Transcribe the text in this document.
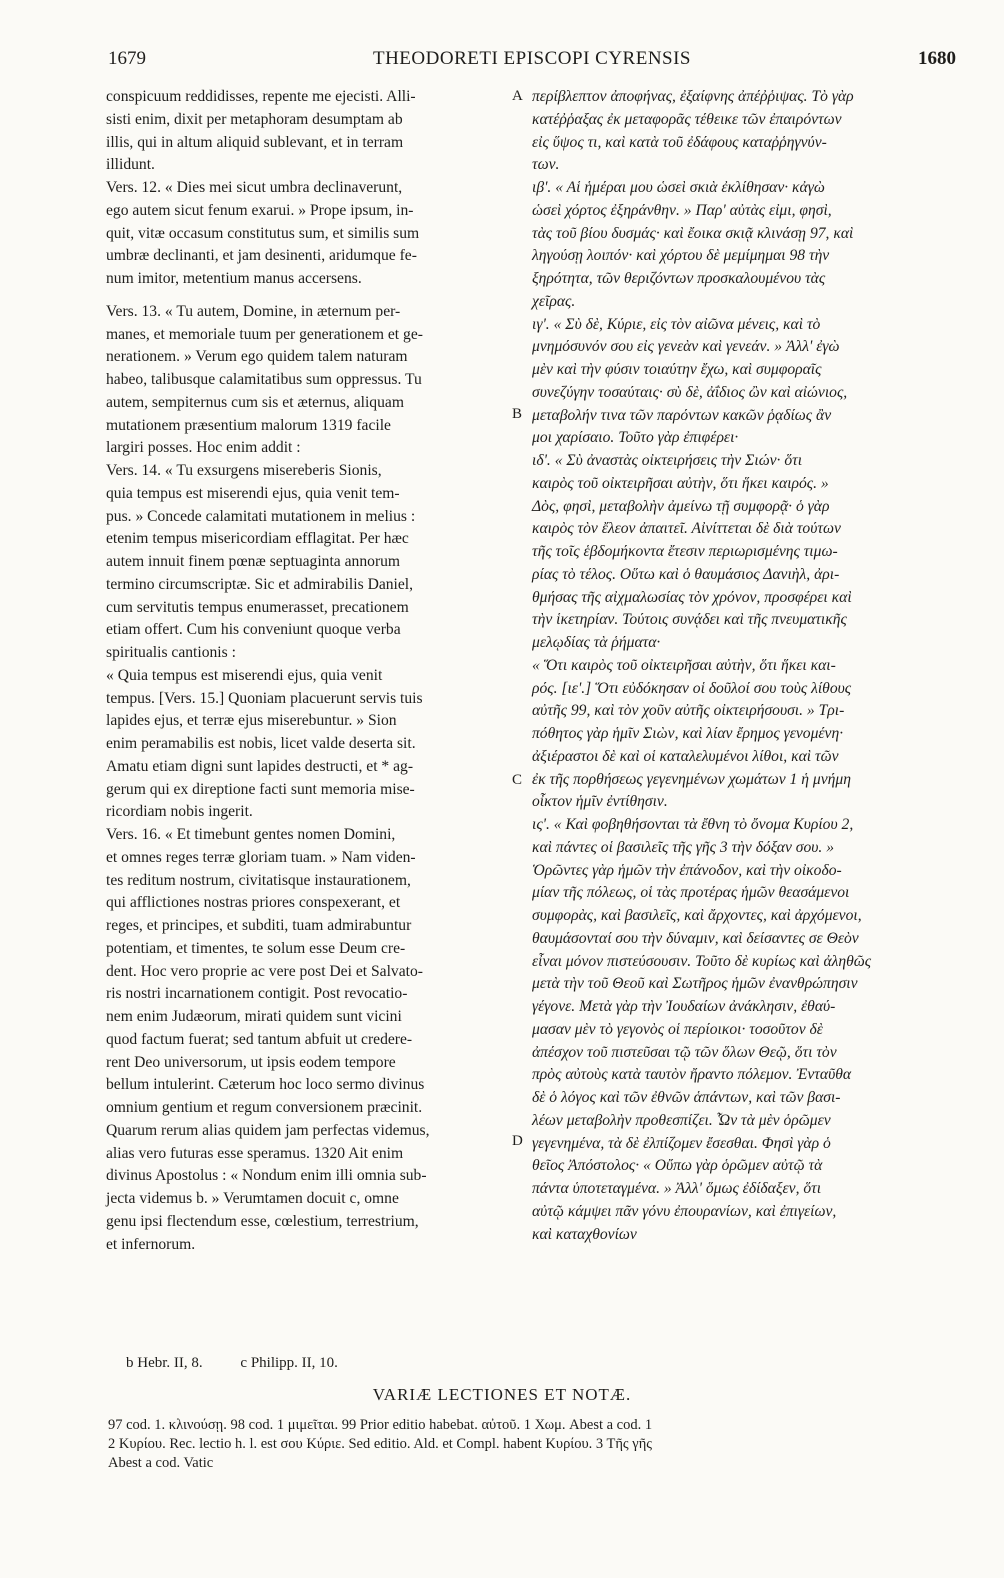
1679	THEODORETI EPISCOPI CYRENSIS	1680

conspicuum reddidisses, repente me ejecisti. Alli-

sisti enim, dixit per metaphoram desumptam ab

illis, qui in altum aliquid sublevant, et in terram

illidunt.

Vers. 12. « Dies mei sicut umbra declinaverunt,

ego autem sicut fenum exarui. » Prope ipsum, in-

quit, vitæ occasum constitutus sum, et similis sum

umbræ declinanti, et jam desinenti, aridumque fe-

num imitor, metentium manus accersens.

Vers. 13. « Tu autem, Domine, in æternum per-

manes, et memoriale tuum per generationem et ge-

nerationem. » Verum ego quidem talem naturam

habeo, talibusque calamitatibus sum oppressus. Tu

autem, sempiternus cum sis et æternus, aliquam

mutationem præsentium malorum 1319 facile

largiri posses. Hoc enim addit :

Vers. 14. « Tu exsurgens misereberis Sionis,

quia tempus est miserendi ejus, quia venit tem-

pus. » Concede calamitati mutationem in melius :

etenim tempus misericordiam efflagitat. Per hæc

autem innuit finem pœnæ septuaginta annorum

termino circumscriptæ. Sic et admirabilis Daniel,

cum servitutis tempus enumerasset, precationem

etiam offert. Cum his conveniunt quoque verba

spiritualis cantionis :

« Quia tempus est miserendi ejus, quia venit

tempus. [Vers. 15.] Quoniam placuerunt servis tuis

lapides ejus, et terræ ejus miserebuntur. » Sion

enim peramabilis est nobis, licet valde deserta sit.

Amatu etiam digni sunt lapides destructi, et * ag-

gerum qui ex direptione facti sunt memoria mise-

ricordiam nobis ingerit.

Vers. 16. « Et timebunt gentes nomen Domini,

et omnes reges terræ gloriam tuam. » Nam viden-

tes reditum nostrum, civitatisque instaurationem,

qui afflictiones nostras priores conspexerant, et

reges, et principes, et subditi, tuam admirabuntur

potentiam, et timentes, te solum esse Deum cre-

dent. Hoc vero proprie ac vere post Dei et Salvato-

ris nostri incarnationem contigit. Post revocatio-

nem enim Judæorum, mirati quidem sunt vicini

quod factum fuerat; sed tantum abfuit ut credere-

rent Deo universorum, ut ipsis eodem tempore

bellum intulerint. Cæterum hoc loco sermo divinus

omnium gentium et regum conversionem præcinit.

Quarum rerum alias quidem jam perfectas videmus,

alias vero futuras esse speramus. 1320 Ait enim

divinus Apostolus : « Nondum enim illi omnia sub-

jecta videmus b. » Verumtamen docuit c, omne

genu ipsi flectendum esse, cœlestium, terrestrium,

et infernorum.

περίβλεπτον ἀποφήνας, ἐξαίφνης ἀπέῤῥιψας. Τὸ γὰρ

κατέῤῥαξας ἐκ μεταφορᾶς τέθεικε τῶν ἐπαιρόντων

εἰς ὕψος τι, καὶ κατὰ τοῦ ἐδάφους καταῤῥηγνύν-

των.

ιβ'. « Αἱ ἡμέραι μου ὡσεὶ σκιὰ ἐκλίθησαν· κἀγὼ

ὡσεὶ χόρτος ἐξηράνθην. » Παρ' αὐτὰς εἰμι, φησὶ,

τὰς τοῦ βίου δυσμάς· καὶ ἔοικα σκιᾷ κλινάσῃ 97, καὶ

ληγούσῃ λοιπόν· καὶ χόρτου δὲ μεμίμημαι 98 τὴν

ξηρότητα, τῶν θεριζόντων προσκαλουμένου τὰς

χεῖρας.

ιγ'. « Σὺ δὲ, Κύριε, εἰς τὸν αἰῶνα μένεις, καὶ τὸ

μνημόσυνόν σου εἰς γενεὰν καὶ γενεάν. » Ἀλλ' ἐγὼ

μὲν καὶ τὴν φύσιν τοιαύτην ἔχω, καὶ συμφοραῖς

συνεζύγην τοσαύταις· σὺ δὲ, ἀΐδιος ὢν καὶ αἰώνιος,

μεταβολήν τινα τῶν παρόντων κακῶν ῥᾳδίως ἂν

μοι χαρίσαιο. Τοῦτο γὰρ ἐπιφέρει·

ιδ'. « Σὺ ἀναστὰς οἰκτειρήσεις τὴν Σιών· ὅτι

καιρὸς τοῦ οἰκτειρῆσαι αὐτὴν, ὅτι ἥκει καιρός. »

Δὸς, φησὶ, μεταβολὴν ἀμείνω τῇ συμφορᾷ· ὁ γὰρ

καιρὸς τὸν ἔλεον ἀπαιτεῖ. Αἰνίττεται δὲ διὰ τούτων

τῆς τοῖς ἑβδομήκοντα ἔτεσιν περιωρισμένης τιμω-

ρίας τὸ τέλος. Οὕτω καὶ ὁ θαυμάσιος Δανιὴλ, ἀρι-

θμήσας τῆς αἰχμαλωσίας τὸν χρόνον, προσφέρει καὶ

τὴν ἱκετηρίαν. Τούτοις συνᾴδει καὶ τῆς πνευματικῆς

μελῳδίας τὰ ῥήματα·

« Ὅτι καιρὸς τοῦ οἰκτειρῆσαι αὐτὴν, ὅτι ἥκει και-

ρός. [ιε'.] Ὅτι εὐδόκησαν οἱ δοῦλοί σου τοὺς λίθους

αὐτῆς 99, καὶ τὸν χοῦν αὐτῆς οἰκτειρήσουσι. » Τρι-

πόθητος γὰρ ἡμῖν Σιὼν, καὶ λίαν ἔρημος γενομένη·

ἀξιέραστοι δὲ καὶ οἱ καταλελυμένοι λίθοι, καὶ τῶν

ἐκ τῆς πορθήσεως γεγενημένων χωμάτων 1 ἡ μνήμη

οἶκτον ἡμῖν ἐντίθησιν.

ις'. « Καὶ φοβηθήσονται τὰ ἔθνη τὸ ὄνομα Κυρίου 2,

καὶ πάντες οἱ βασιλεῖς τῆς γῆς 3 τὴν δόξαν σου. »

Ὁρῶντες γὰρ ἡμῶν τὴν ἐπάνοδον, καὶ τὴν οἰκοδο-

μίαν τῆς πόλεως, οἱ τὰς προτέρας ἡμῶν θεασάμενοι

συμφορὰς, καὶ βασιλεῖς, καὶ ἄρχοντες, καὶ ἀρχόμενοι,

θαυμάσονταί σου τὴν δύναμιν, καὶ δείσαντες σε Θεὸν

εἶναι μόνον πιστεύσουσιν. Τοῦτο δὲ κυρίως καὶ ἀληθῶς

μετὰ τὴν τοῦ Θεοῦ καὶ Σωτῆρος ἡμῶν ἐνανθρώπησιν

γέγονε. Μετὰ γὰρ τὴν Ἰουδαίων ἀνάκλησιν, ἐθαύ-

μασαν μὲν τὸ γεγονὸς οἱ περίοικοι· τοσοῦτον δὲ

ἀπέσχον τοῦ πιστεῦσαι τῷ τῶν ὅλων Θεῷ, ὅτι τὸν

πρὸς αὐτοὺς κατὰ ταυτὸν ἤραντο πόλεμον. Ἐνταῦθα

δὲ ὁ λόγος καὶ τῶν ἐθνῶν ἁπάντων, καὶ τῶν βασι-

λέων μεταβολὴν προθεσπίζει. Ὧν τὰ μὲν ὁρῶμεν

γεγενημένα, τὰ δὲ ἐλπίζομεν ἔσεσθαι. Φησὶ γὰρ ὁ

θεῖος Ἀπόστολος· « Οὔπω γὰρ ὁρῶμεν αὐτῷ τὰ

πάντα ὑποτεταγμένα. » Ἀλλ' ὅμως ἐδίδαξεν, ὅτι

αὐτῷ κάμψει πᾶν γόνυ ἐπουρανίων, καὶ ἐπιγείων,

καὶ καταχθονίων

A
B
C
D
b Hebr. II, 8.	c Philipp. II, 10.
VARIÆ LECTIONES ET NOTÆ.

97 cod. 1. κλινούσῃ. 98 cod. 1 μιμεῖται. 99 Prior editio habebat. αὐτοῦ. 1 Χωμ. Abest a cod. 1

2 Κυρίου. Rec. lectio h. l. est σου Κύριε. Sed editio. Ald. et Compl. habent Κυρίου. 3 Τῆς γῆς

Abest a cod. Vatic
